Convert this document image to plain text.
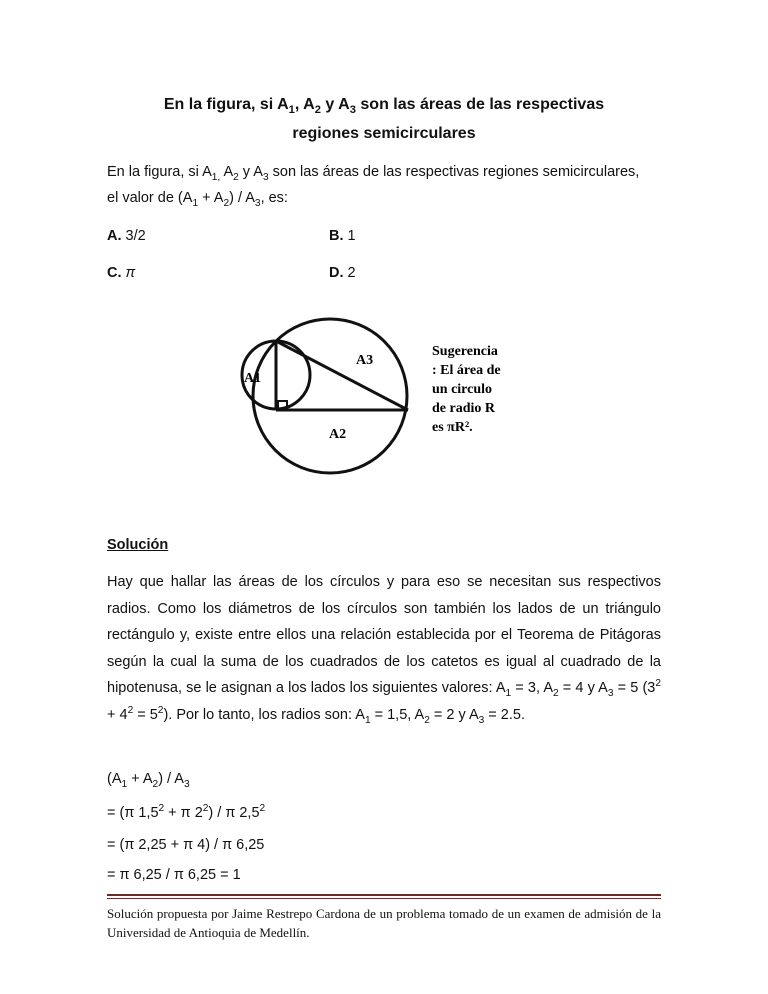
En la figura, si $A_1$, $A_2$ y $A_3$ son las áreas de las respectivas
regiones semicirculares

En la figura, si $A_{1,}$ $A_2$ y $A_3$ son las áreas de las respectivas regiones semicirculares,
el valor de $(A_1 + A_2) / A_3$, es:

A. 3/2	B. 1
C. π	D. 2
A1
A3
A2
Sugerencia
: El área de
un circulo
de radio R
es πR².
Solución

Hay que hallar las áreas de los círculos y para eso se necesitan sus respectivos radios. Como los diámetros de los círculos son también los lados de un triángulo rectángulo y, existe entre ellos una relación establecida por el Teorema de Pitágoras según la cual la suma de los cuadrados de los catetos es igual al cuadrado de la hipotenusa, se le asignan a los lados los siguientes valores: $A_1 = 3$, $A_2 = 4$ y $A_3 = 5$ $(3^2 + 4^2 = 5^2)$. Por lo tanto, los radios son: $A_1 = 1,5$, $A_2 = 2$ y $A_3 = 2.5$.

$(A_1 + A_2) / A_3$
= (π $1,5^2 + \pi$ $2^2$) / π $2,5^2$
= (π 2,25 + π 4) / π 6,25
= π 6,25 / π 6,25 = 1
Solución propuesta por Jaime Restrepo Cardona de un problema tomado de un examen de admisión de la Universidad de Antioquia de Medellín.
